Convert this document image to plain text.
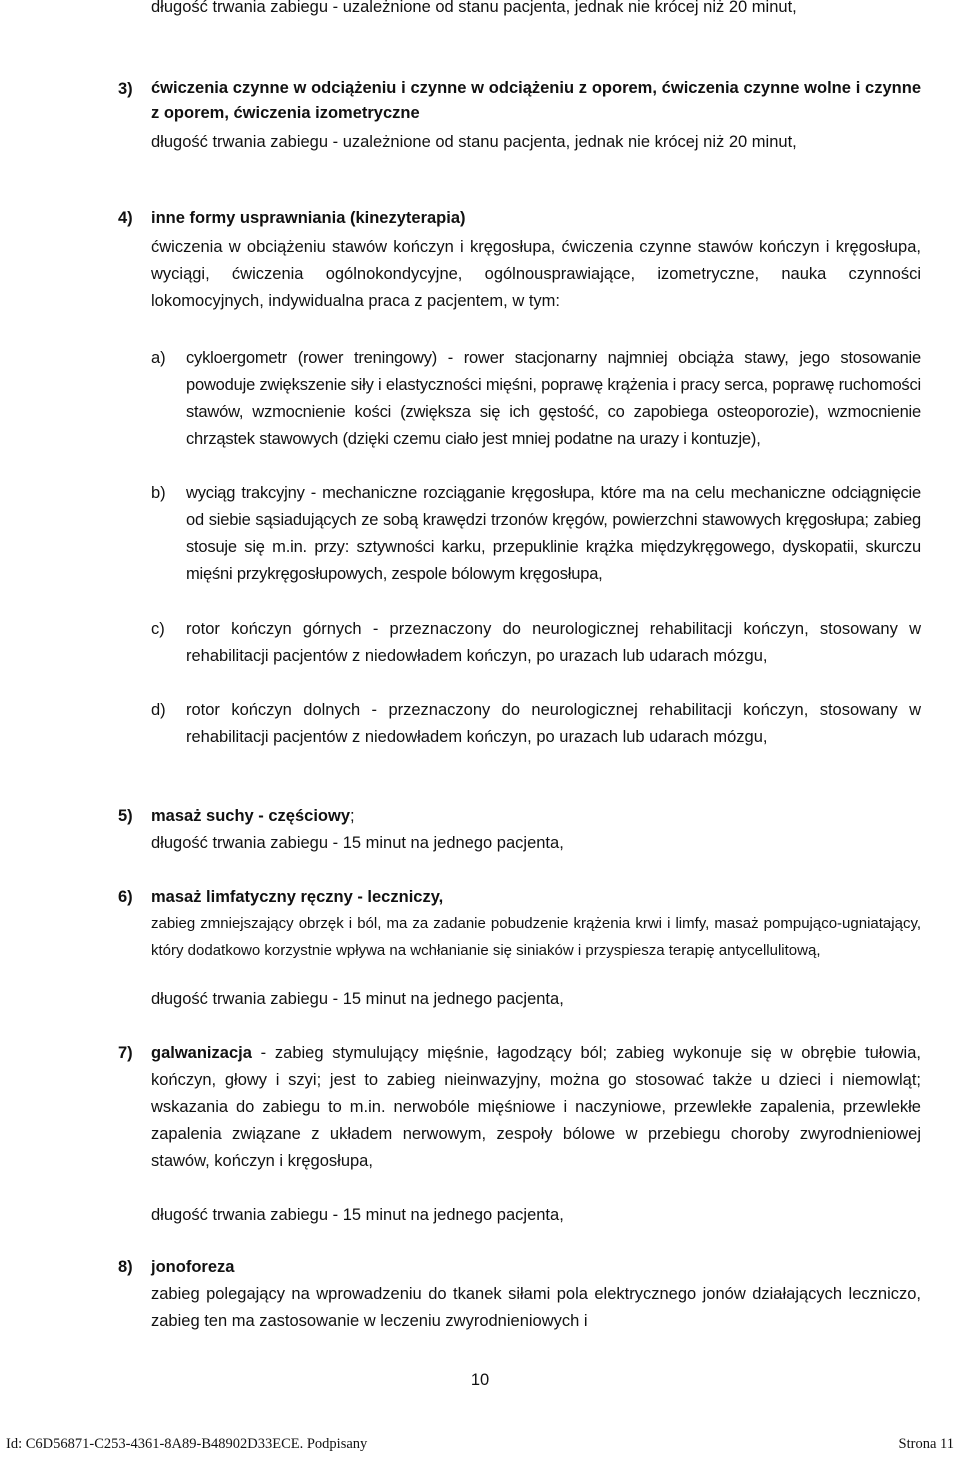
długość trwania zabiegu - uzależnione od stanu pacjenta, jednak nie krócej niż 20 minut,
3) ćwiczenia czynne w odciążeniu i czynne w odciążeniu z oporem, ćwiczenia czynne wolne i czynne z oporem, ćwiczenia izometryczne
długość trwania zabiegu - uzależnione od stanu pacjenta, jednak nie krócej niż 20 minut,
4) inne formy usprawniania (kinezyterapia)
ćwiczenia w obciążeniu stawów kończyn i kręgosłupa, ćwiczenia czynne stawów kończyn i kręgosłupa, wyciągi, ćwiczenia ogólnokondycyjne, ogólnousprawiające, izometryczne, nauka czynności lokomocyjnych, indywidualna praca z pacjentem, w tym:
a) cykloergometr (rower treningowy) - rower stacjonarny najmniej obciąża stawy, jego stosowanie powoduje zwiększenie siły i elastyczności mięśni, poprawę krążenia i pracy serca, poprawę ruchomości stawów, wzmocnienie kości (zwiększa się ich gęstość, co zapobiega osteoporozie), wzmocnienie chrząstek stawowych (dzięki czemu ciało jest mniej podatne na urazy i kontuzje),
b) wyciąg trakcyjny - mechaniczne rozciąganie kręgosłupa, które ma na celu mechaniczne odciągnięcie od siebie sąsiadujących ze sobą krawędzi trzonów kręgów, powierzchni stawowych kręgosłupa; zabieg stosuje się m.in. przy: sztywności karku, przepuklinie krążka międzykręgowego, dyskopatii, skurczu mięśni przykręgosłupowych, zespole bólowym kręgosłupa,
c) rotor kończyn górnych - przeznaczony do neurologicznej rehabilitacji kończyn, stosowany w rehabilitacji pacjentów z niedowładem kończyn, po urazach lub udarach mózgu,
d) rotor kończyn dolnych - przeznaczony do neurologicznej rehabilitacji kończyn, stosowany w rehabilitacji pacjentów z niedowładem kończyn, po urazach lub udarach mózgu,
5) masaż suchy - częściowy;
długość trwania zabiegu - 15 minut na jednego pacjenta,
6) masaż limfatyczny ręczny - leczniczy,
zabieg zmniejszający obrzęk i ból, ma za zadanie pobudzenie krążenia krwi i limfy, masaż pompująco-ugniatający, który dodatkowo korzystnie wpływa na wchłanianie się siniaków i przyspiesza terapię antycellulitową,
długość trwania zabiegu - 15 minut na jednego pacjenta,
7) galwanizacja - zabieg stymulujący mięśnie, łagodzący ból; zabieg wykonuje się w obrębie tułowia, kończyn, głowy i szyi; jest to zabieg nieinwazyjny, można go stosować także u dzieci i niemowląt; wskazania do zabiegu to m.in. nerwobóle mięśniowe i naczyniowe, przewlekłe zapalenia, przewlekłe zapalenia związane z układem nerwowym, zespoły bólowe w przebiegu choroby zwyrodnieniowej stawów, kończyn i kręgosłupa,
długość trwania zabiegu - 15 minut na jednego pacjenta,
8) jonoforeza
zabieg polegający na wprowadzeniu do tkanek siłami pola elektrycznego jonów działających leczniczo, zabieg ten ma zastosowanie w leczeniu zwyrodnieniowych i
10
Id: C6D56871-C253-4361-8A89-B48902D33ECE. Podpisany	Strona 11
